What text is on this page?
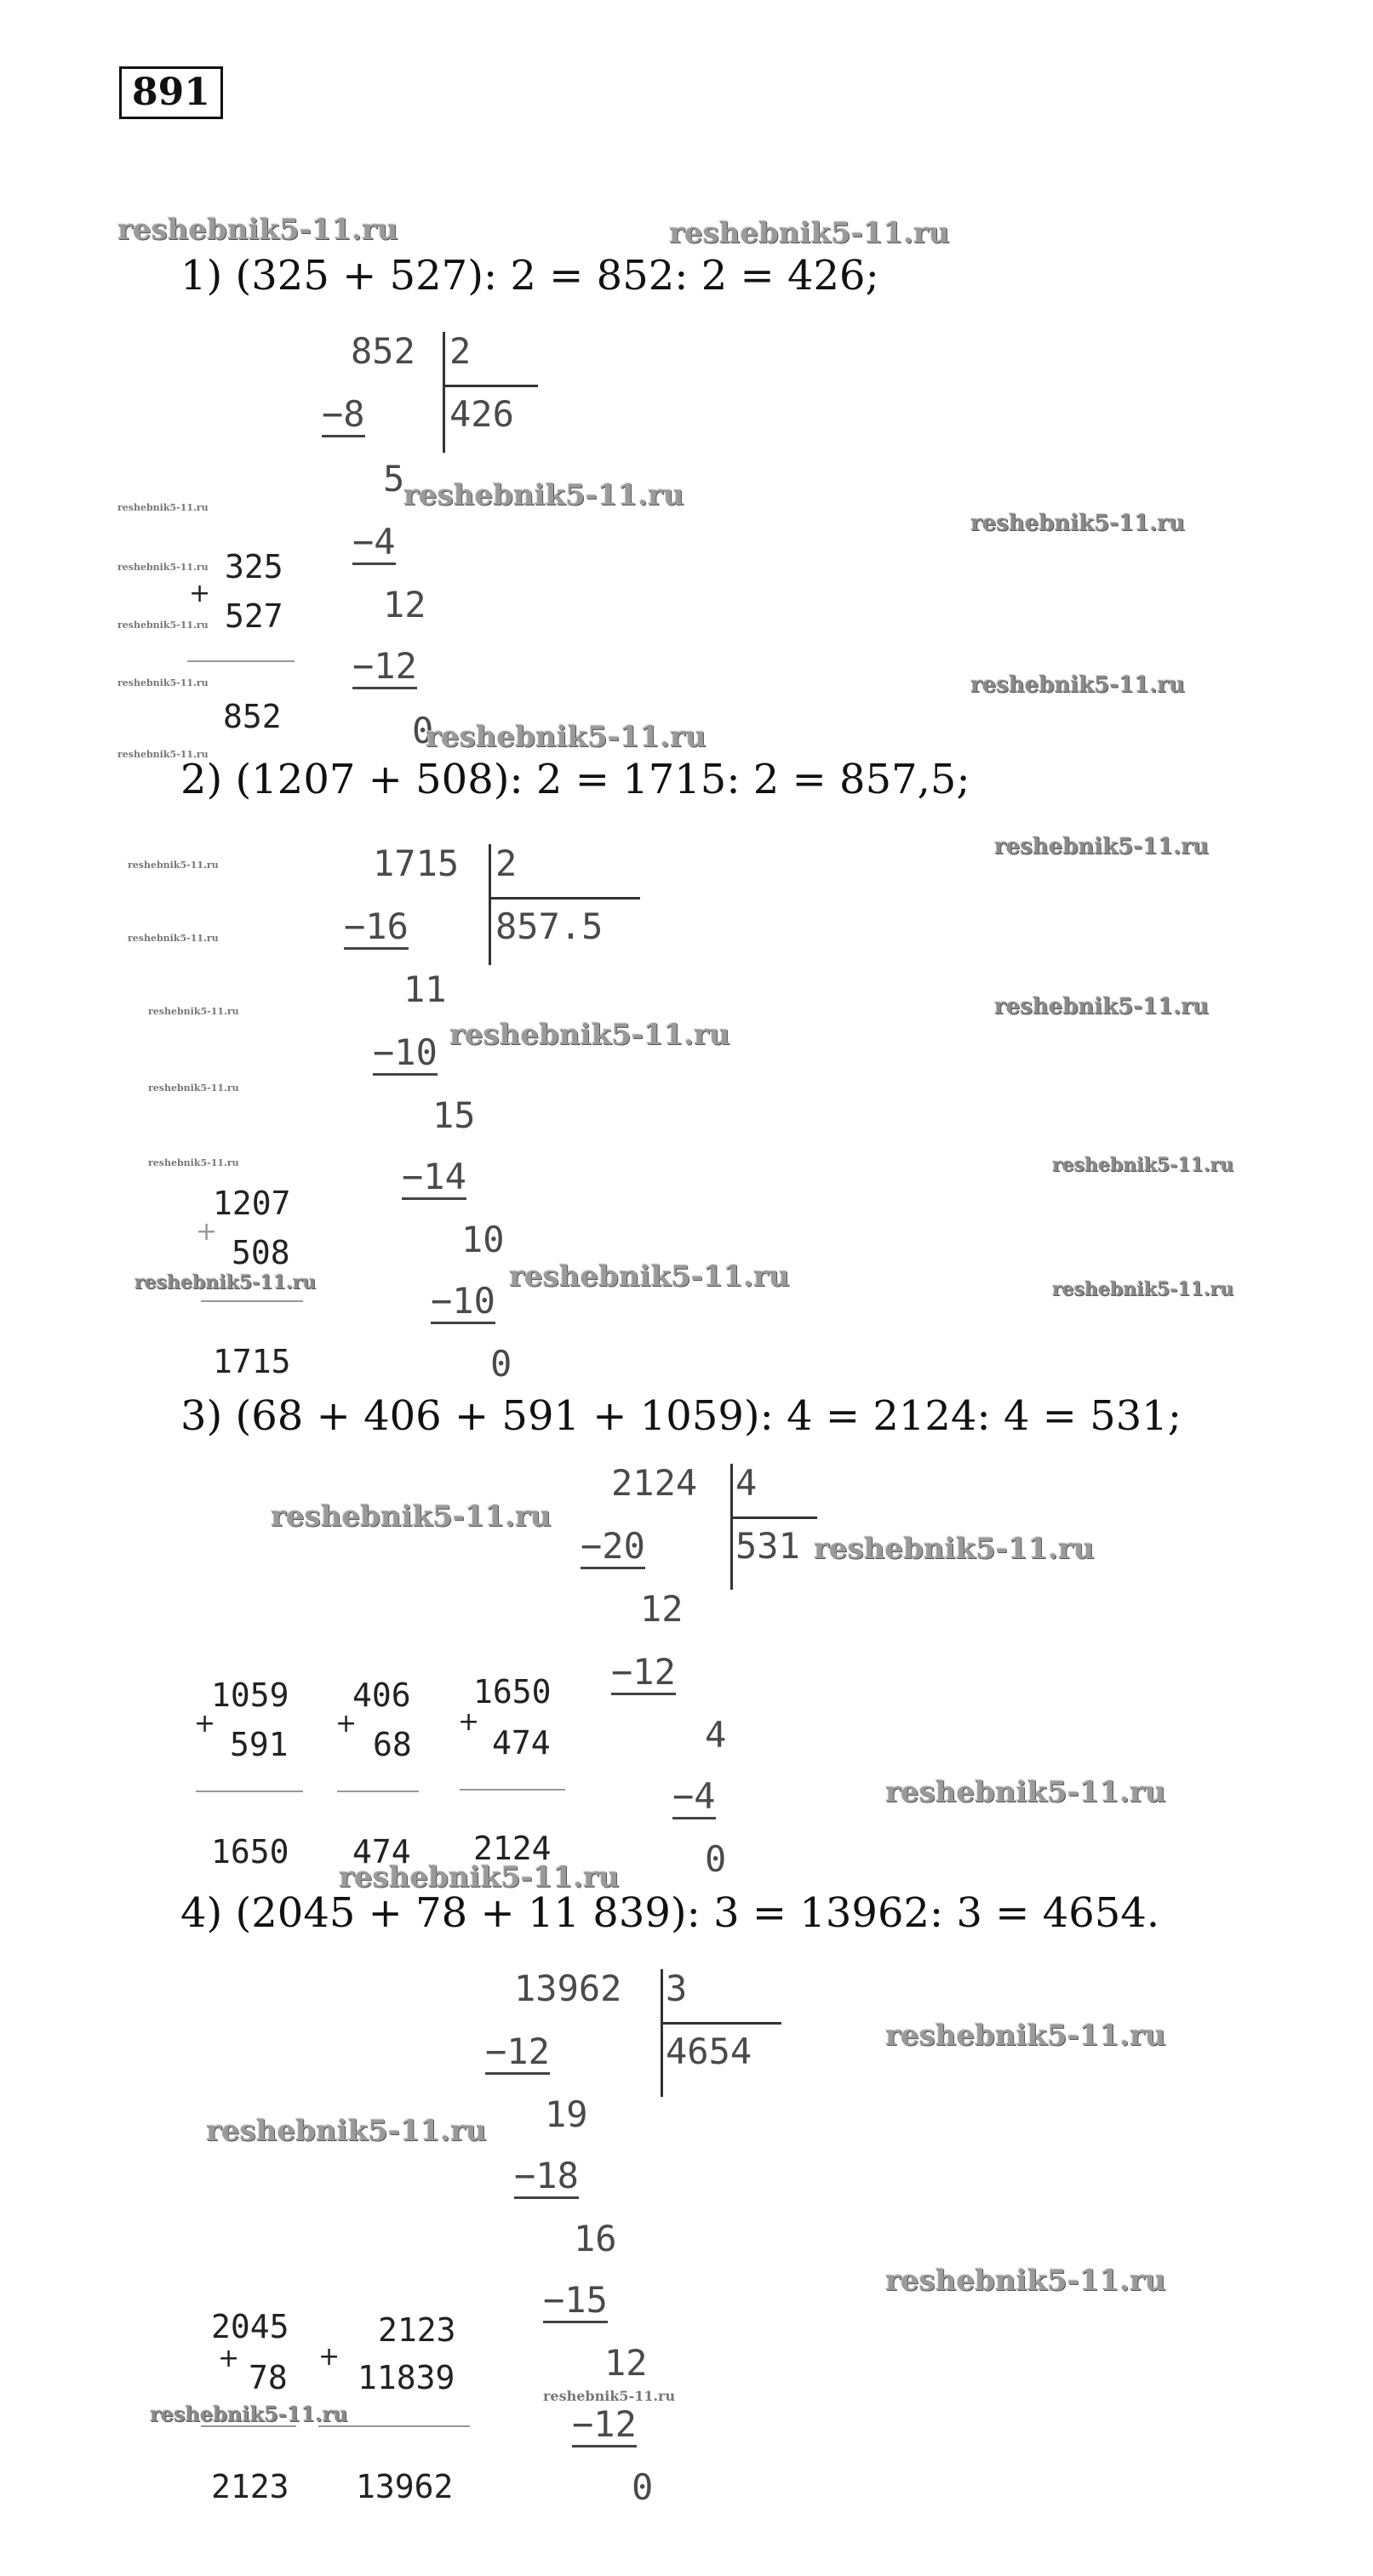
891
1) (325 + 527): 2 = 852: 2 = 426;
852 2
426
−8
5
−4
12
−12
0
325
+
527
852
2) (1207 + 508): 2 = 1715: 2 = 857,5;
1715 2
857.5
−16
11
−10
15
−14
10
−10
0
1207
+
508
1715
3) (68 + 406 + 591 + 1059): 4 = 2124: 4 = 531;
2124 4
531
−20
12
−12
4
−4
0
1059
+
591
1650
406
+
68
474
1650
+
474
2124
4) (2045 + 78 + 11 839): 3 = 13962: 3 = 4654.
13962 3
4654
−12
19
−18
16
−15
12
−12
0
2045
+
78
2123
2123
+
11839
13962
reshebnik5-11.ru	reshebnik5-11.ru
reshebnik5-11.ru
reshebnik5-11.ru
reshebnik5-11.ru
reshebnik5-11.ru
reshebnik5-11.ru
reshebnik5-11.ru
reshebnik5-11.ru
reshebnik5-11.ru
reshebnik5-11.ru	reshebnik5-11.ru
reshebnik5-11.ru
reshebnik5-11.ru
reshebnik5-11.ru
reshebnik5-11.ru
reshebnik5-11.ru
reshebnik5-11.ru
reshebnik5-11.ru
reshebnik5-11.ru
reshebnik5-11.ru
reshebnik5-11.ru
reshebnik5-11.ru
reshebnik5-11.ru
reshebnik5-11.ru
reshebnik5-11.ru
reshebnik5-11.ru
reshebnik5-11.ru
reshebnik5-11.ru
reshebnik5-11.ru
reshebnik5-11.ru
reshebnik5-11.ru
